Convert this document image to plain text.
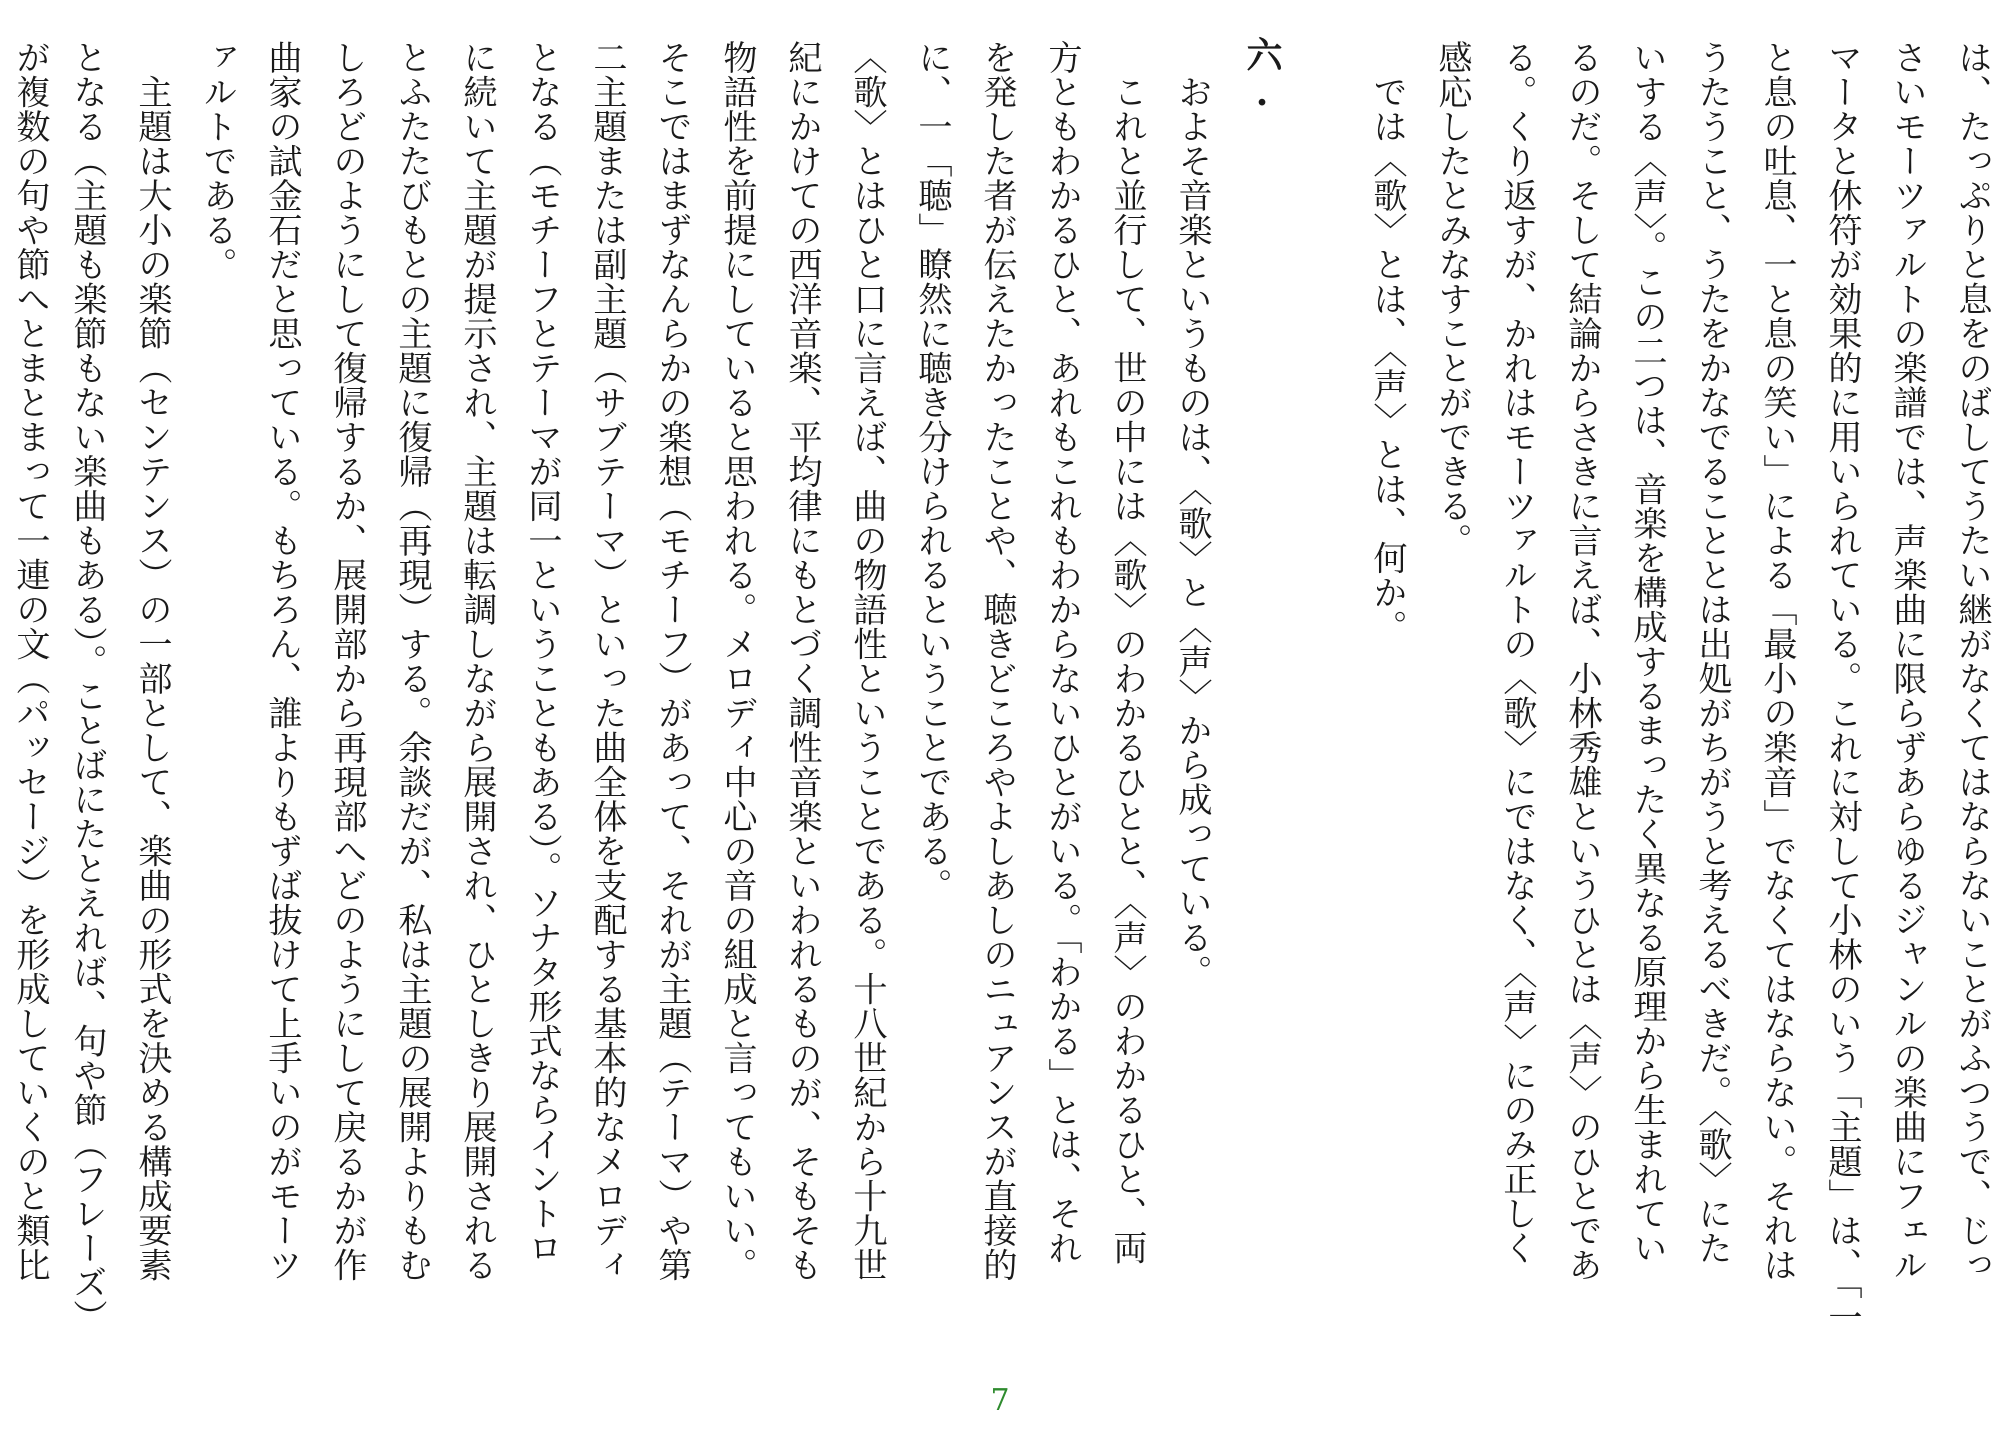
は、たっぷりと息をのばしてうたい継がなくてはならないことがふつうで、じっ
さいモーツァルトの楽譜では、声楽曲に限らずあらゆるジャンルの楽曲にフェル
マータと休符が効果的に用いられている。これに対して小林のいう「主題」は、「一
と息の吐息、一と息の笑い」による「最小の楽音」でなくてはならない。それは
うたうこと、うたをかなでることとは出処がちがうと考えるべきだ。〈歌〉にた
いする〈声〉。この二つは、音楽を構成するまったく異なる原理から生まれてい
るのだ。そして結論からさきに言えば、小林秀雄というひとは〈声〉のひとであ
る。くり返すが、かれはモーツァルトの〈歌〉にではなく、〈声〉にのみ正しく
感応したとみなすことができる。
　では〈歌〉とは、〈声〉とは、何か。
六.
　およそ音楽というものは、〈歌〉と〈声〉から成っている。
　これと並行して、世の中には〈歌〉のわかるひとと、〈声〉のわかるひと、両
方ともわかるひと、あれもこれもわからないひとがいる。「わかる」とは、それ
を発した者が伝えたかったことや、聴きどころやよしあしのニュアンスが直接的
に、一「聴」瞭然に聴き分けられるということである。
〈歌〉とはひと口に言えば、曲の物語性ということである。十八世紀から十九世
紀にかけての西洋音楽、平均律にもとづく調性音楽といわれるものが、そもそも
物語性を前提にしていると思われる。メロディ中心の音の組成と言ってもいい。
そこではまずなんらかの楽想（モチーフ）があって、それが主題（テーマ）や第
二主題または副主題（サブテーマ）といった曲全体を支配する基本的なメロディ
となる（モチーフとテーマが同一ということもある）。ソナタ形式ならイントロ
に続いて主題が提示され、主題は転調しながら展開され、ひとしきり展開される
とふたたびもとの主題に復帰（再現）する。余談だが、私は主題の展開よりもむ
しろどのようにして復帰するか、展開部から再現部へどのようにして戻るかが作
曲家の試金石だと思っている。もちろん、誰よりもずば抜けて上手いのがモーツ
ァルトである。
　主題は大小の楽節（センテンス）の一部として、楽曲の形式を決める構成要素
となる（主題も楽節もない楽曲もある）。ことばにたとえれば、句や節（フレーズ）
が複数の句や節へとまとまって一連の文（パッセージ）を形成していくのと類比
7
